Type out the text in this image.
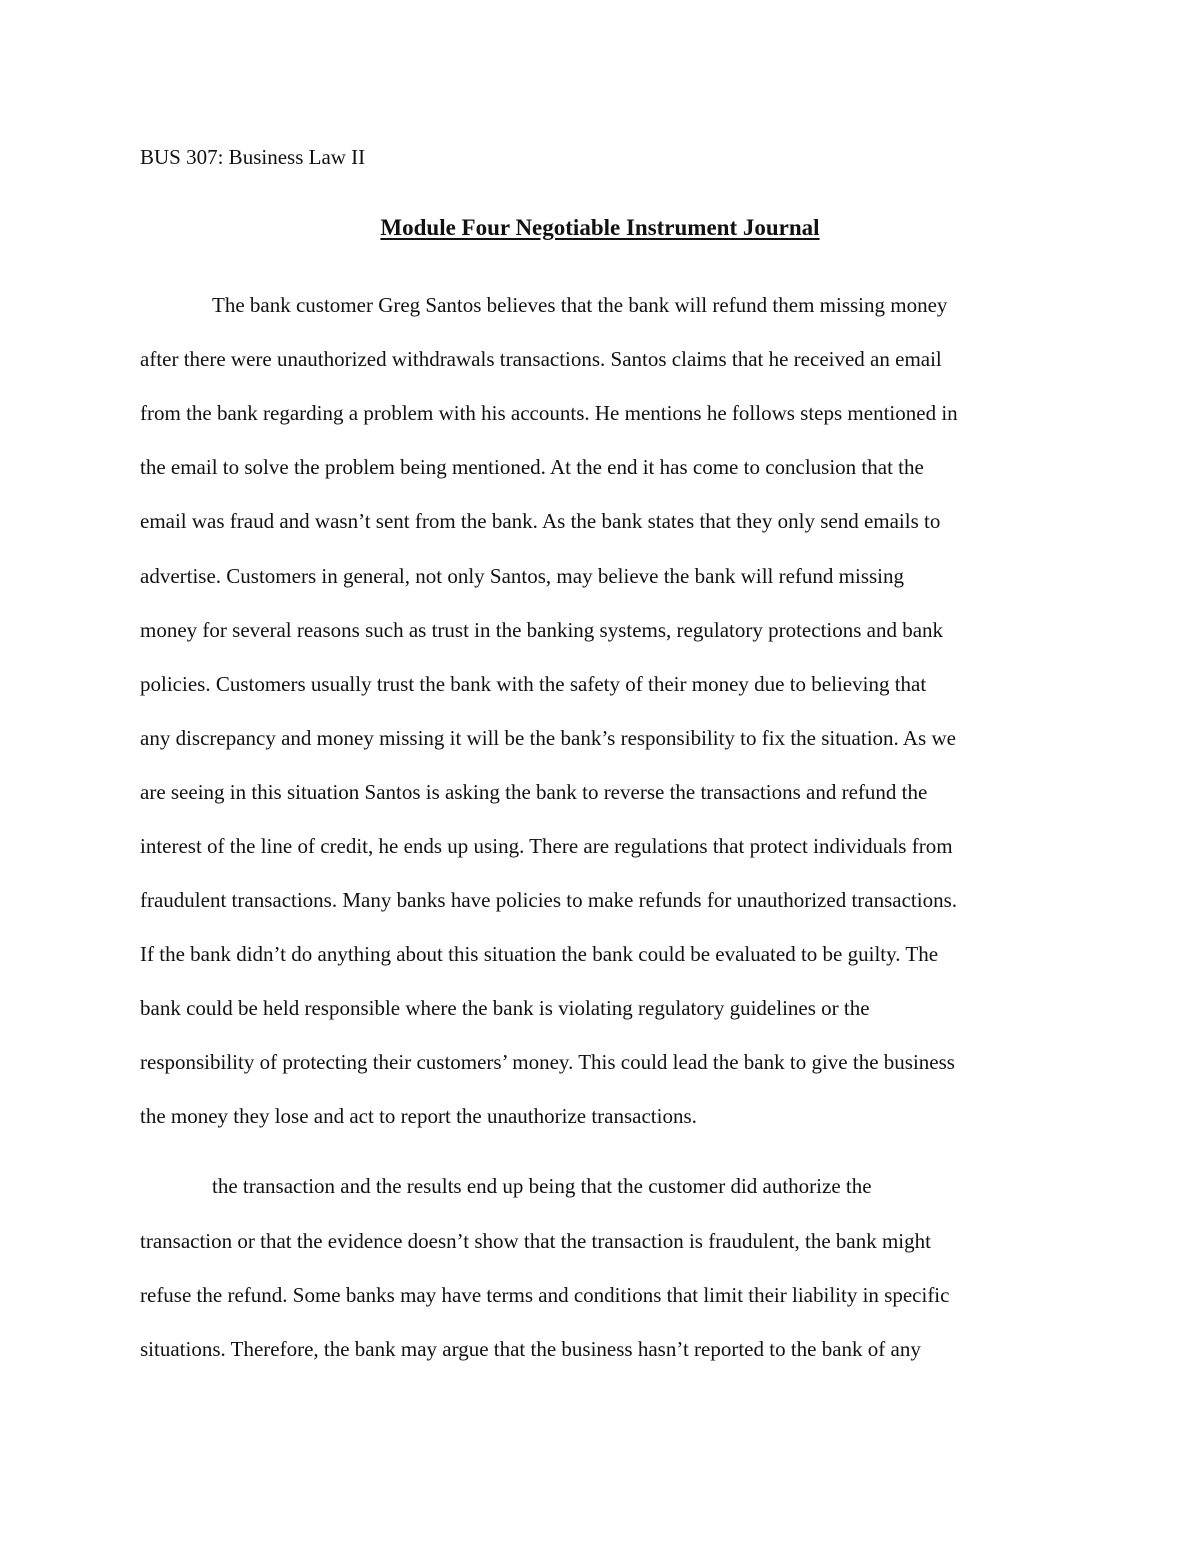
BUS 307: Business Law II
Module Four Negotiable Instrument Journal
The bank customer Greg Santos believes that the bank will refund them missing money
after there were unauthorized withdrawals transactions. Santos claims that he received an email
from the bank regarding a problem with his accounts. He mentions he follows steps mentioned in
the email to solve the problem being mentioned. At the end it has come to conclusion that the
email was fraud and wasn’t sent from the bank. As the bank states that they only send emails to
advertise. Customers in general, not only Santos, may believe the bank will refund missing
money for several reasons such as trust in the banking systems, regulatory protections and bank
policies. Customers usually trust the bank with the safety of their money due to believing that
any discrepancy and money missing it will be the bank’s responsibility to fix the situation. As we
are seeing in this situation Santos is asking the bank to reverse the transactions and refund the
interest of the line of credit, he ends up using. There are regulations that protect individuals from
fraudulent transactions. Many banks have policies to make refunds for unauthorized transactions.
If the bank didn’t do anything about this situation the bank could be evaluated to be guilty. The
bank could be held responsible where the bank is violating regulatory guidelines or the
responsibility of protecting their customers’ money. This could lead the bank to give the business
the money they lose and act to report the unauthorize transactions.
the transaction and the results end up being that the customer did authorize the
transaction or that the evidence doesn’t show that the transaction is fraudulent, the bank might
refuse the refund. Some banks may have terms and conditions that limit their liability in specific
situations. Therefore, the bank may argue that the business hasn’t reported to the bank of any
